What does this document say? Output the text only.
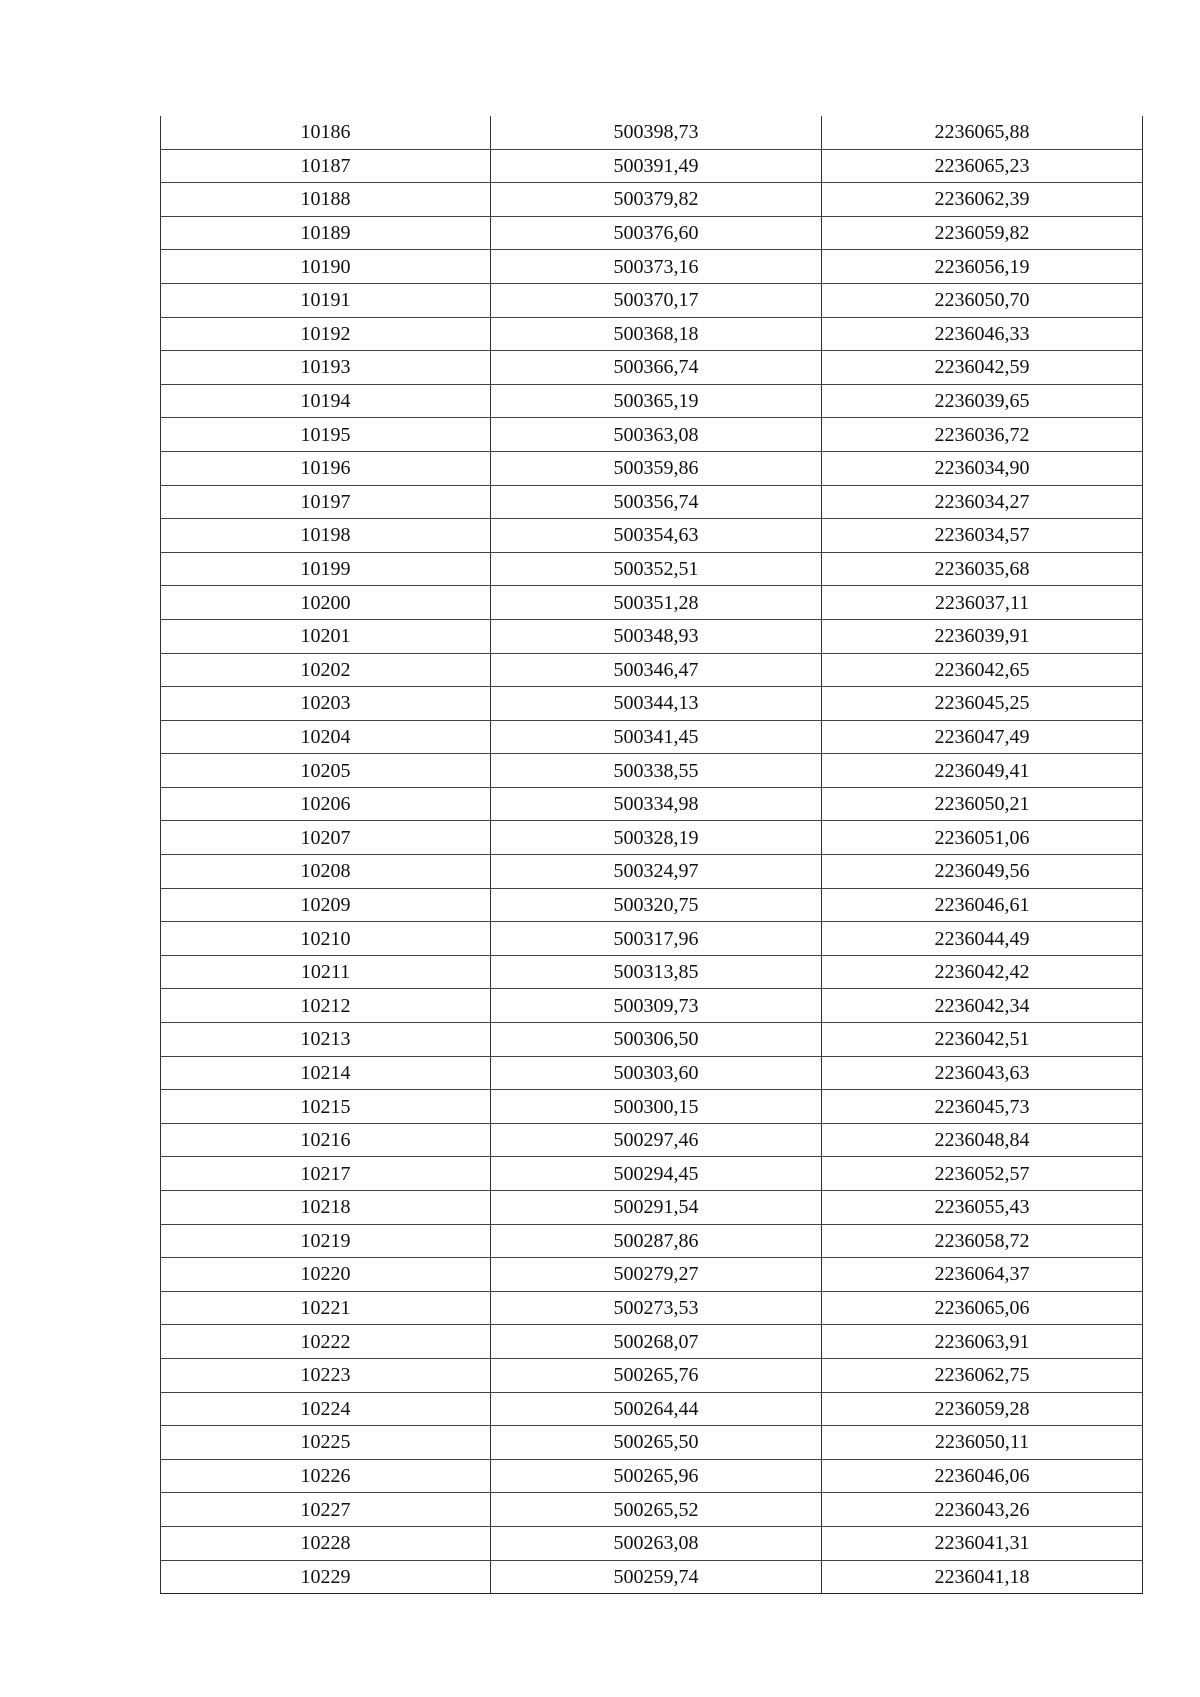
10186	500398,73	2236065,88
10187	500391,49	2236065,23
10188	500379,82	2236062,39
10189	500376,60	2236059,82
10190	500373,16	2236056,19
10191	500370,17	2236050,70
10192	500368,18	2236046,33
10193	500366,74	2236042,59
10194	500365,19	2236039,65
10195	500363,08	2236036,72
10196	500359,86	2236034,90
10197	500356,74	2236034,27
10198	500354,63	2236034,57
10199	500352,51	2236035,68
10200	500351,28	2236037,11
10201	500348,93	2236039,91
10202	500346,47	2236042,65
10203	500344,13	2236045,25
10204	500341,45	2236047,49
10205	500338,55	2236049,41
10206	500334,98	2236050,21
10207	500328,19	2236051,06
10208	500324,97	2236049,56
10209	500320,75	2236046,61
10210	500317,96	2236044,49
10211	500313,85	2236042,42
10212	500309,73	2236042,34
10213	500306,50	2236042,51
10214	500303,60	2236043,63
10215	500300,15	2236045,73
10216	500297,46	2236048,84
10217	500294,45	2236052,57
10218	500291,54	2236055,43
10219	500287,86	2236058,72
10220	500279,27	2236064,37
10221	500273,53	2236065,06
10222	500268,07	2236063,91
10223	500265,76	2236062,75
10224	500264,44	2236059,28
10225	500265,50	2236050,11
10226	500265,96	2236046,06
10227	500265,52	2236043,26
10228	500263,08	2236041,31
10229	500259,74	2236041,18
